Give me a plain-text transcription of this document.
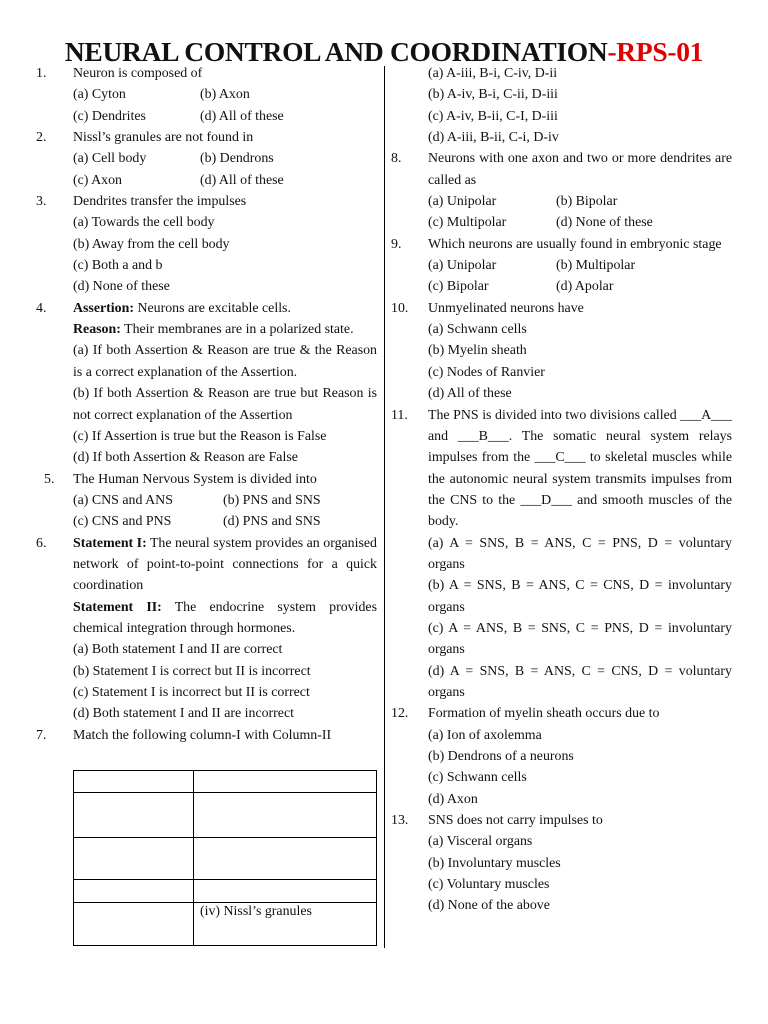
NEURAL CONTROL AND COORDINATION-RPS-01
1.	Neuron is composed of
(a) Cyton	(b) Axon
(c) Dendrites	(d) All of these
2.	Nissl’s granules are not found in
(a) Cell body	(b) Dendrons
(c) Axon	(d) All of these
3.	Dendrites transfer the impulses
(a) Towards the cell body
(b) Away from the cell body
(c) Both a and b
(d) None of these
4.	Assertion: Neurons are excitable cells.
Reason: Their membranes are in a polarized state.
(a) If both Assertion & Reason are true & the Reason is a correct explanation of the Assertion.
(b) If both Assertion & Reason are true but Reason is not correct explanation of the Assertion
(c) If Assertion is true but the Reason is False
(d) If both Assertion & Reason are False
5.	The Human Nervous System is divided into
(a) CNS and ANS	(b) PNS and SNS
(c) CNS and PNS	(d) PNS and SNS
6.	Statement I: The neural system provides an organised network of point-to-point connections for a quick coordination
Statement II: The endocrine system provides chemical integration through hormones.
(a) Both statement I and II are correct
(b) Statement I is correct but II is incorrect
(c) Statement I is incorrect but II is correct
(d) Both statement I and II are incorrect
7.	Match the following column-I with Column-II

	(iv) Nissl’s granules
(a) A-iii, B-i, C-iv, D-ii
(b) A-iv, B-i, C-ii, D-iii
(c) A-iv, B-ii, C-I, D-iii
(d) A-iii, B-ii, C-i, D-iv
8.	Neurons with one axon and two or more dendrites are called as
(a) Unipolar	(b) Bipolar
(c) Multipolar	(d) None of these
9.	Which neurons are usually found in embryonic stage
(a) Unipolar	(b) Multipolar
(c) Bipolar	(d) Apolar
10.	Unmyelinated neurons have
(a) Schwann cells
(b) Myelin sheath
(c) Nodes of Ranvier
(d) All of these
11.	The PNS is divided into two divisions called ___A___ and ___B___. The somatic neural system relays impulses from the ___C___ to skeletal muscles while the autonomic neural system transmits impulses from the CNS to the ___D___ and smooth muscles of the body.
(a) A = SNS, B = ANS, C = PNS, D = voluntary organs
(b) A = SNS, B = ANS, C = CNS, D = involuntary organs
(c) A = ANS, B = SNS, C = PNS, D = involuntary organs
(d) A = SNS, B = ANS, C = CNS, D = voluntary organs
12.	Formation of myelin sheath occurs due to
(a) Ion of axolemma
(b) Dendrons of a neurons
(c) Schwann cells
(d) Axon
13.	SNS does not carry impulses to
(a) Visceral organs
(b) Involuntary muscles
(c) Voluntary muscles
(d) None of the above
